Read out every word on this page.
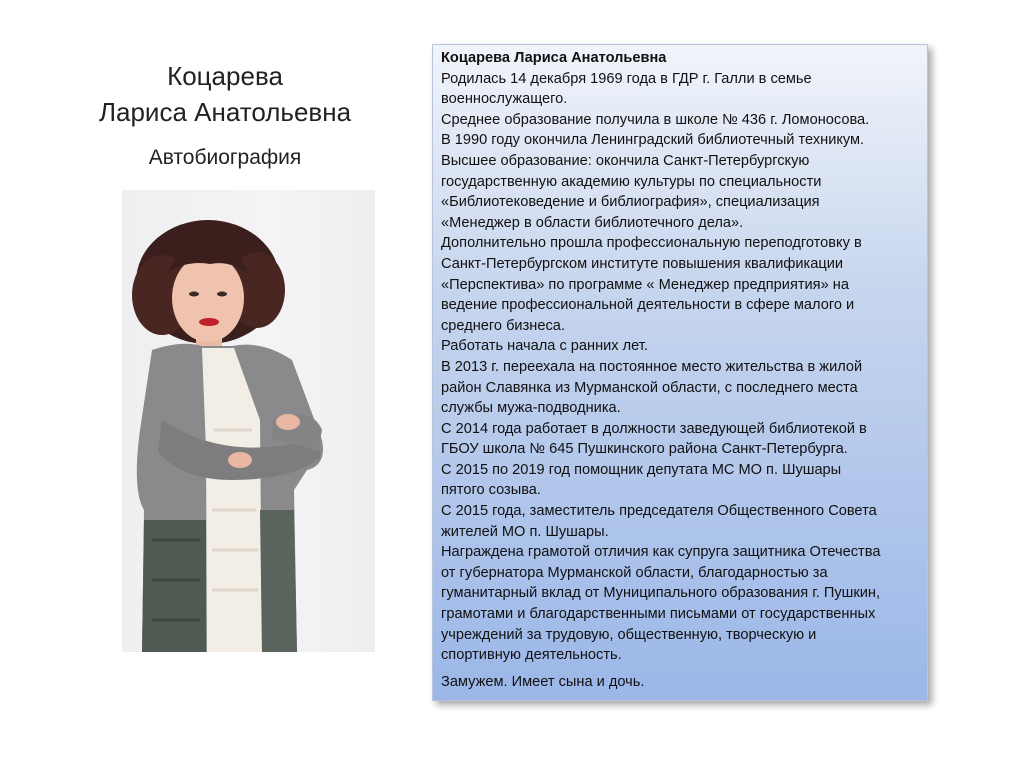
Коцарева
Лариса Анатольевна
Автобиография
Коцарева Лариса Анатольевна
Родилась 14 декабря 1969 года в ГДР г. Галли в семье
военнослужащего.
Среднее образование получила в школе № 436 г. Ломоносова.
В 1990 году окончила Ленинградский библиотечный техникум.
Высшее образование: окончила Санкт-Петербургскую
государственную академию культуры по специальности
«Библиотековедение и библиография», специализация
«Менеджер в области библиотечного дела».
Дополнительно прошла профессиональную переподготовку в
Санкт-Петербургском институте повышения квалификации
«Перспектива» по программе « Менеджер предприятия» на
ведение профессиональной деятельности в сфере малого и
среднего бизнеса.
Работать начала с ранних лет.
В 2013 г. переехала на постоянное место жительства в жилой
район Славянка из Мурманской области, с последнего места
службы мужа-подводника.
С 2014 года работает в должности заведующей библиотекой в
ГБОУ школа № 645 Пушкинского района Санкт-Петербурга.
С 2015 по 2019 год помощник депутата МС МО п. Шушары
пятого созыва.
С 2015 года, заместитель председателя Общественного Совета
жителей МО п. Шушары.
Награждена грамотой отличия как супруга защитника Отечества
от губернатора Мурманской области, благодарностью за
гуманитарный вклад от Муниципального образования г. Пушкин,
грамотами и благодарственными письмами от государственных
учреждений за трудовую, общественную, творческую и
спортивную деятельность.
Замужем. Имеет сына и дочь.
